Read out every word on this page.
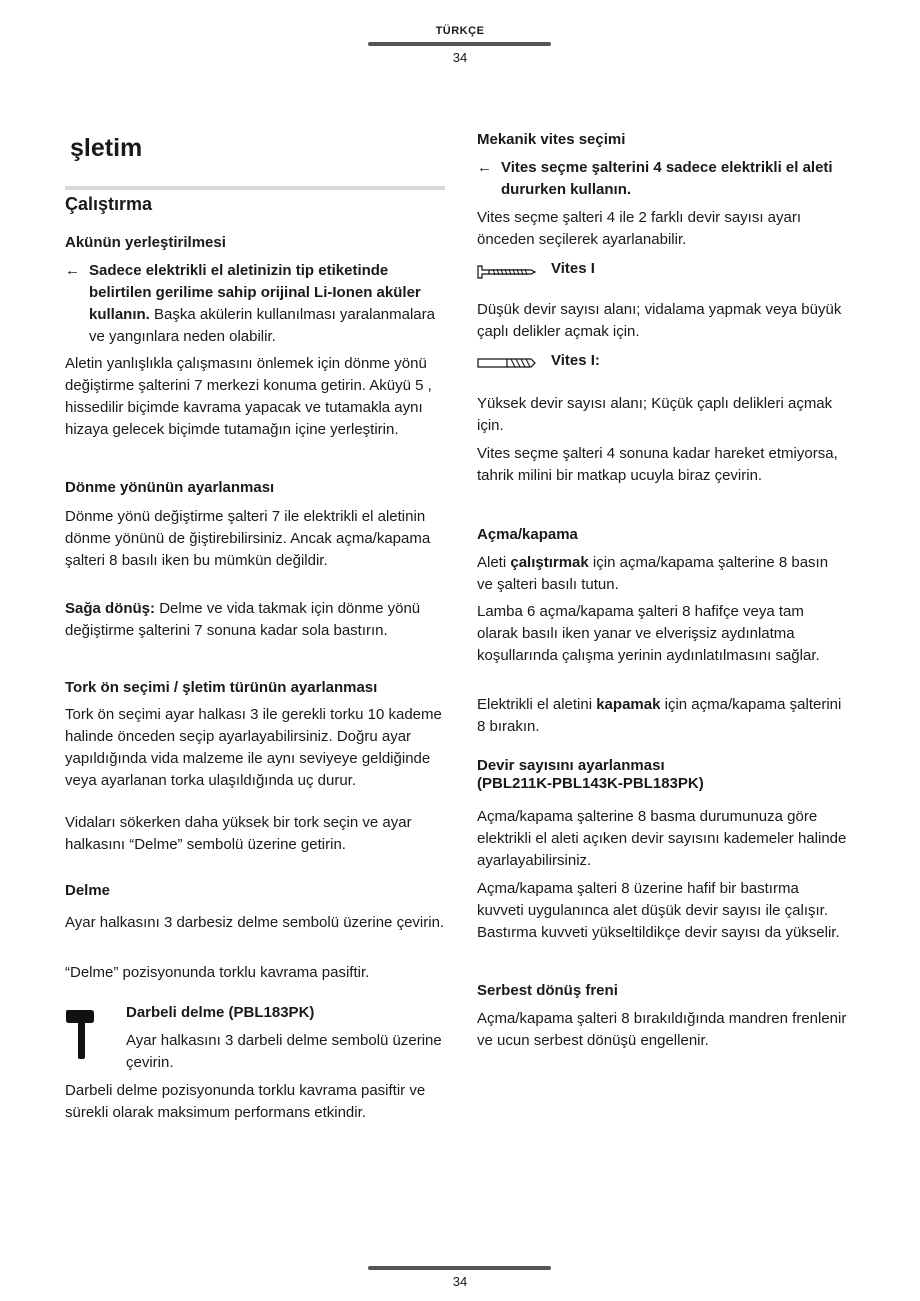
TÜRKÇE
34
şletim
Çalıştırma
Akünün yerleştirilmesi
← Sadece elektrikli el aletinizin tip etiketinde belirtilen gerilime sahip orijinal Li-Ionen aküler kullanın. Başka akülerin kullanılması yaralanmalara ve yangınlara neden olabilir.

Aletin yanlışlıkla çalışmasını önlemek için dönme yönü değiştirme şalterini 7 merkezi konuma getirin. Aküyü 5 , hissedilir biçimde kavrama yapacak ve tutamakla aynı hizaya gelecek biçimde tutamağın içine yerleştirin.

Dönme yönünün ayarlanması

Dönme yönü değiştirme şalteri 7 ile elektrikli el aletinin dönme yönünü de ğiştirebilirsiniz. Ancak açma/kapama şalteri 8 basılı iken bu mümkün değildir.

Sağa dönüş: Delme ve vida takmak için dönme yönü değiştirme şalterini 7 sonuna kadar sola bastırın.

Tork ön seçimi / şletim türünün ayarlanması

Tork ön seçimi ayar halkası 3 ile gerekli torku 10 kademe halinde önceden seçip ayarlayabilirsiniz. Doğru ayar yapıldığında vida malzeme ile aynı seviyeye geldiğinde veya ayarlanan torka ulaşıldığında uç durur.

Vidaları sökerken daha yüksek bir tork seçin ve ayar halkasını “Delme” sembolü üzerine getirin.

Delme

Ayar halkasını 3 darbesiz delme sembolü üzerine çevirin.

“Delme” pozisyonunda torklu kavrama pasiftir.

Darbeli delme (PBL183PK)

Ayar halkasını 3 darbeli delme sembolü üzerine çevirin.

Darbeli delme pozisyonunda torklu kavrama pasiftir ve sürekli olarak maksimum performans etkindir.

Mekanik vites seçimi
← Vites seçme şalterini 4 sadece elektrikli el aleti dururken kullanın.

Vites seçme şalteri 4 ile 2 farklı devir sayısı ayarı önceden seçilerek ayarlanabilir.

Vites I

Düşük devir sayısı alanı; vidalama yapmak veya büyük çaplı delikler açmak için.

Vites I:

Yüksek devir sayısı alanı; Küçük çaplı delikleri açmak için.

Vites seçme şalteri 4 sonuna kadar hareket etmiyorsa, tahrik milini bir matkap ucuyla biraz çevirin.

Açma/kapama

Aleti çalıştırmak için açma/kapama şalterine 8 basın ve şalteri basılı tutun.

Lamba 6 açma/kapama şalteri 8 hafifçe veya tam olarak basılı iken yanar ve elverişsiz aydınlatma koşullarında çalışma yerinin aydınlatılmasını sağlar.

Elektrikli el aletini kapamak için açma/kapama şalterini 8 bırakın.

Devir sayısını ayarlanması
(PBL211K-PBL143K-PBL183PK)

Açma/kapama şalterine 8 basma durumunuza göre elektrikli el aleti açıken devir sayısını kademeler halinde ayarlayabilirsiniz.

Açma/kapama şalteri 8 üzerine hafif bir bastırma kuvveti uygulanınca alet düşük devir sayısı ile çalışır. Bastırma kuvveti yükseltildikçe devir sayısı da yükselir.

Serbest dönüş freni

Açma/kapama şalteri 8 bırakıldığında mandren frenlenir ve ucun serbest dönüşü engellenir.

34
